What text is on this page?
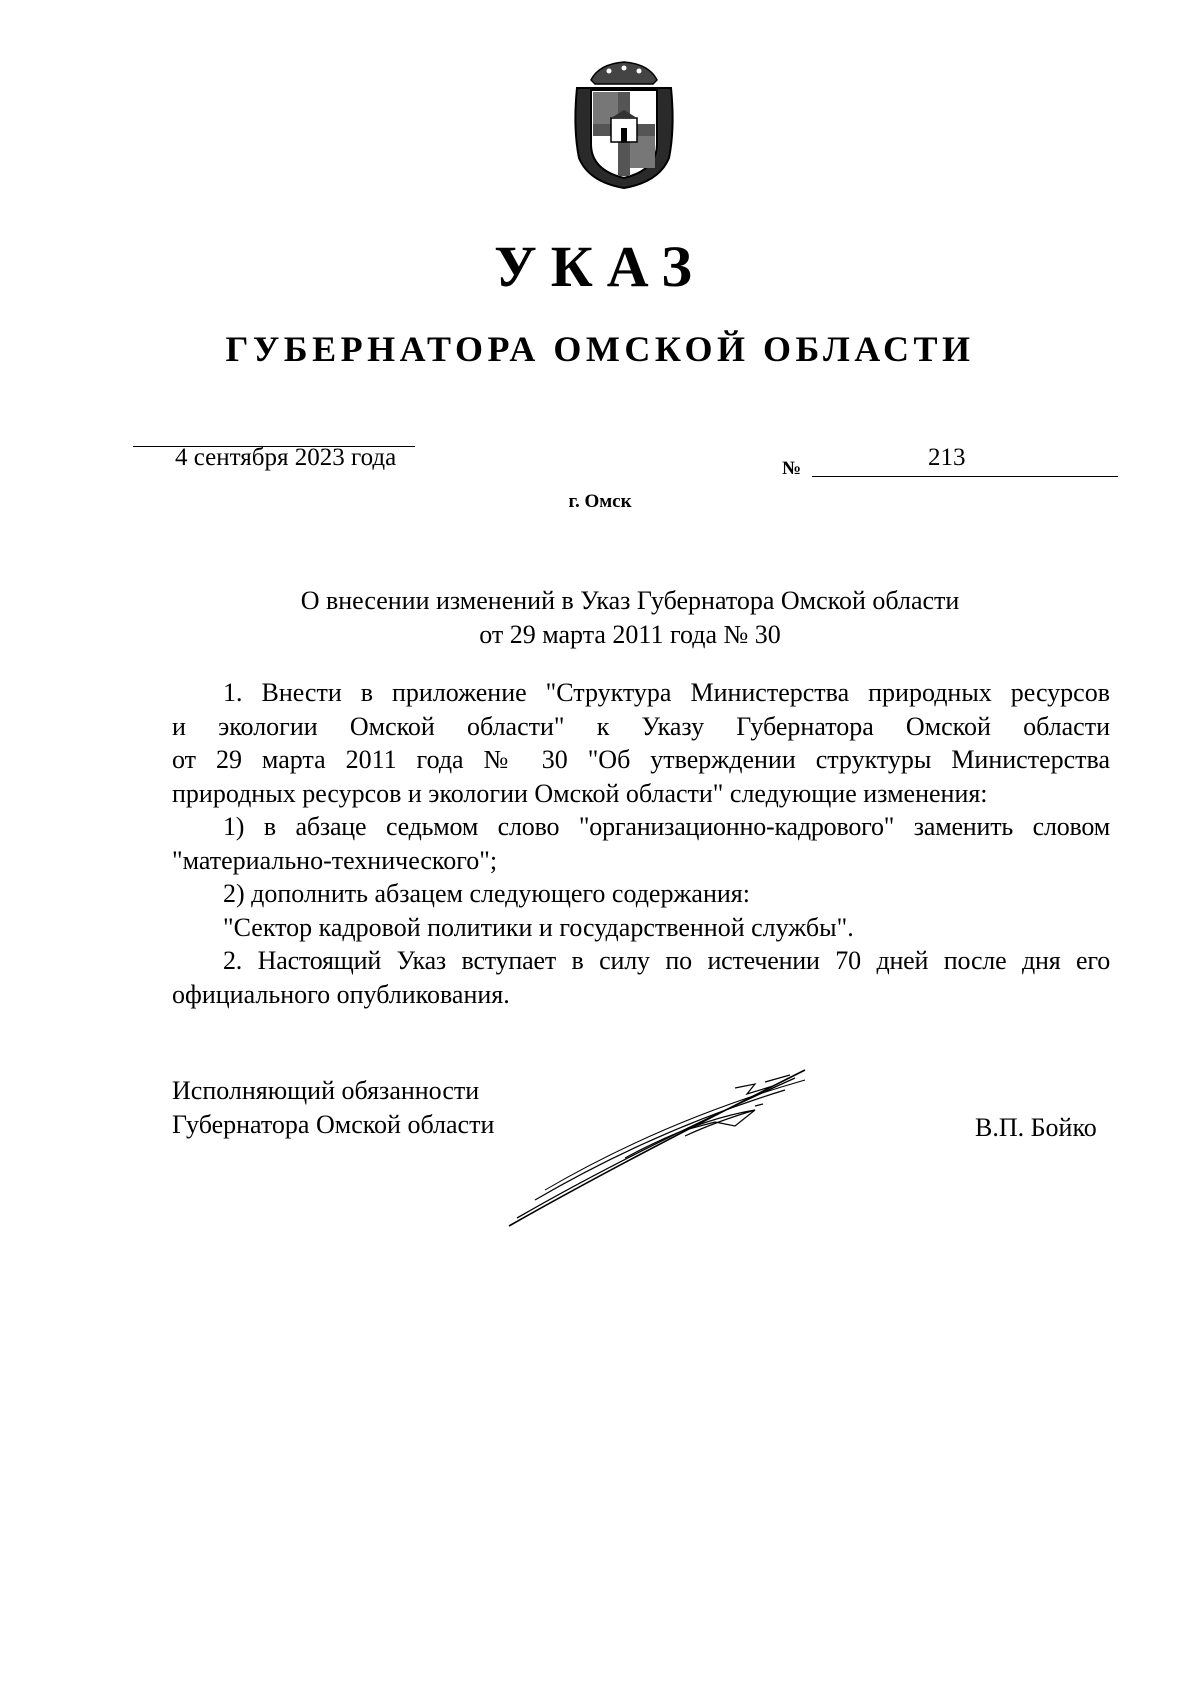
УКАЗ
ГУБЕРНАТОРА ОМСКОЙ ОБЛАСТИ
4 сентября 2023 года	№	213
г. Омск
О внесении изменений в Указ Губернатора Омской области
от 29 марта 2011 года № 30

1. Внести в приложение "Структура Министерства природных ресурсов

и экологии Омской области" к Указу Губернатора Омской области

от 29 марта 2011 года № 30 "Об утверждении структуры Министерства

природных ресурсов и экологии Омской области" следующие изменения:

1) в абзаце седьмом слово "организационно-кадрового" заменить словом

"материально-технического";

2) дополнить абзацем следующего содержания:

"Сектор кадровой политики и государственной службы".

2. Настоящий Указ вступает в силу по истечении 70 дней после дня его

официального опубликования.

Исполняющий обязанности
Губернатора Омской области	В.П. Бойко
